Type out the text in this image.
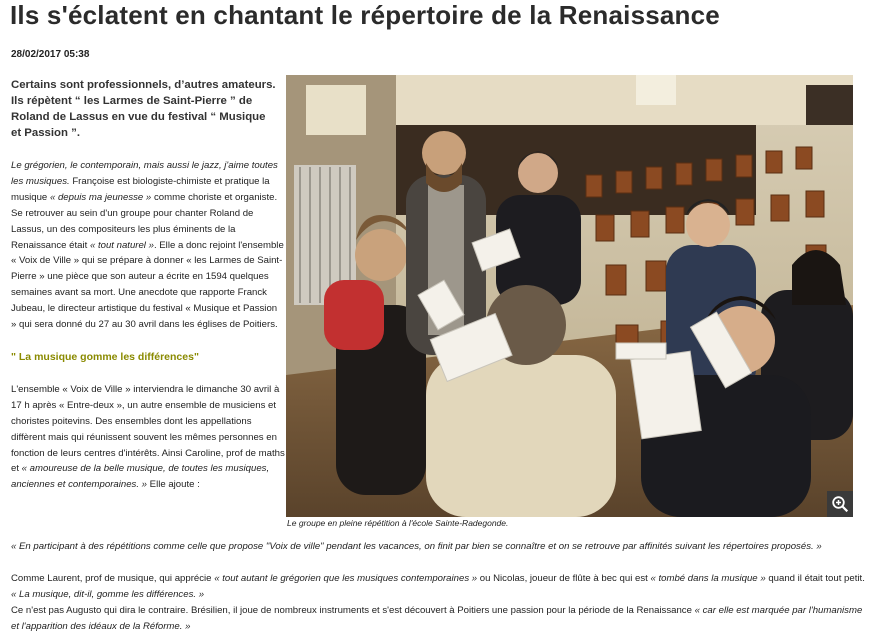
Ils s'éclatent en chantant le répertoire de la Renaissance
28/02/2017 05:38
Certains sont professionnels, d’autres amateurs. Ils répètent “ les Larmes de Saint-Pierre ” de Roland de Lassus en vue du festival “ Musique et Passion ”.

Le grégorien, le contemporain, mais aussi le jazz, j'aime toutes les musiques. Françoise est biologiste-chimiste et pratique la musique « depuis ma jeunesse » comme choriste et organiste. Se retrouver au sein d'un groupe pour chanter Roland de Lassus, un des compositeurs les plus éminents de la Renaissance était « tout naturel ». Elle a donc rejoint l'ensemble « Voix de Ville » qui se prépare à donner « les Larmes de Saint-Pierre » une pièce que son auteur a écrite en 1594 quelques semaines avant sa mort. Une anecdote que rapporte Franck Jubeau, le directeur artistique du festival « Musique et Passion » qui sera donné du 27 au 30 avril dans les églises de Poitiers.

" La musique gomme les différences"

L'ensemble « Voix de Ville » interviendra le dimanche 30 avril à 17 h après « Entre-deux », un autre ensemble de musiciens et choristes poitevins. Des ensembles dont les appellations diffèrent mais qui réunissent souvent les mêmes personnes en fonction de leurs centres d'intérêts. Ainsi Caroline, prof de maths et « amoureuse de la belle musique, de toutes les musiques, anciennes et contemporaines. » Elle ajoute :

Le groupe en pleine répétition à l'école Sainte-Radegonde.

« En participant à des répétitions comme celle que propose "Voix de ville" pendant les vacances, on finit par bien se connaître et on se retrouve par affinités suivant les répertoires proposés. »

Comme Laurent, prof de musique, qui apprécie « tout autant le grégorien que les musiques contemporaines » ou Nicolas, joueur de flûte à bec qui est « tombé dans la musique » quand il était tout petit. « La musique, dit-il, gomme les différences. »

Ce n'est pas Augusto qui dira le contraire. Brésilien, il joue de nombreux instruments et s'est découvert à Poitiers une passion pour la période de la Renaissance « car elle est marquée par l'humanisme et l'apparition des idéaux de la Réforme. »
